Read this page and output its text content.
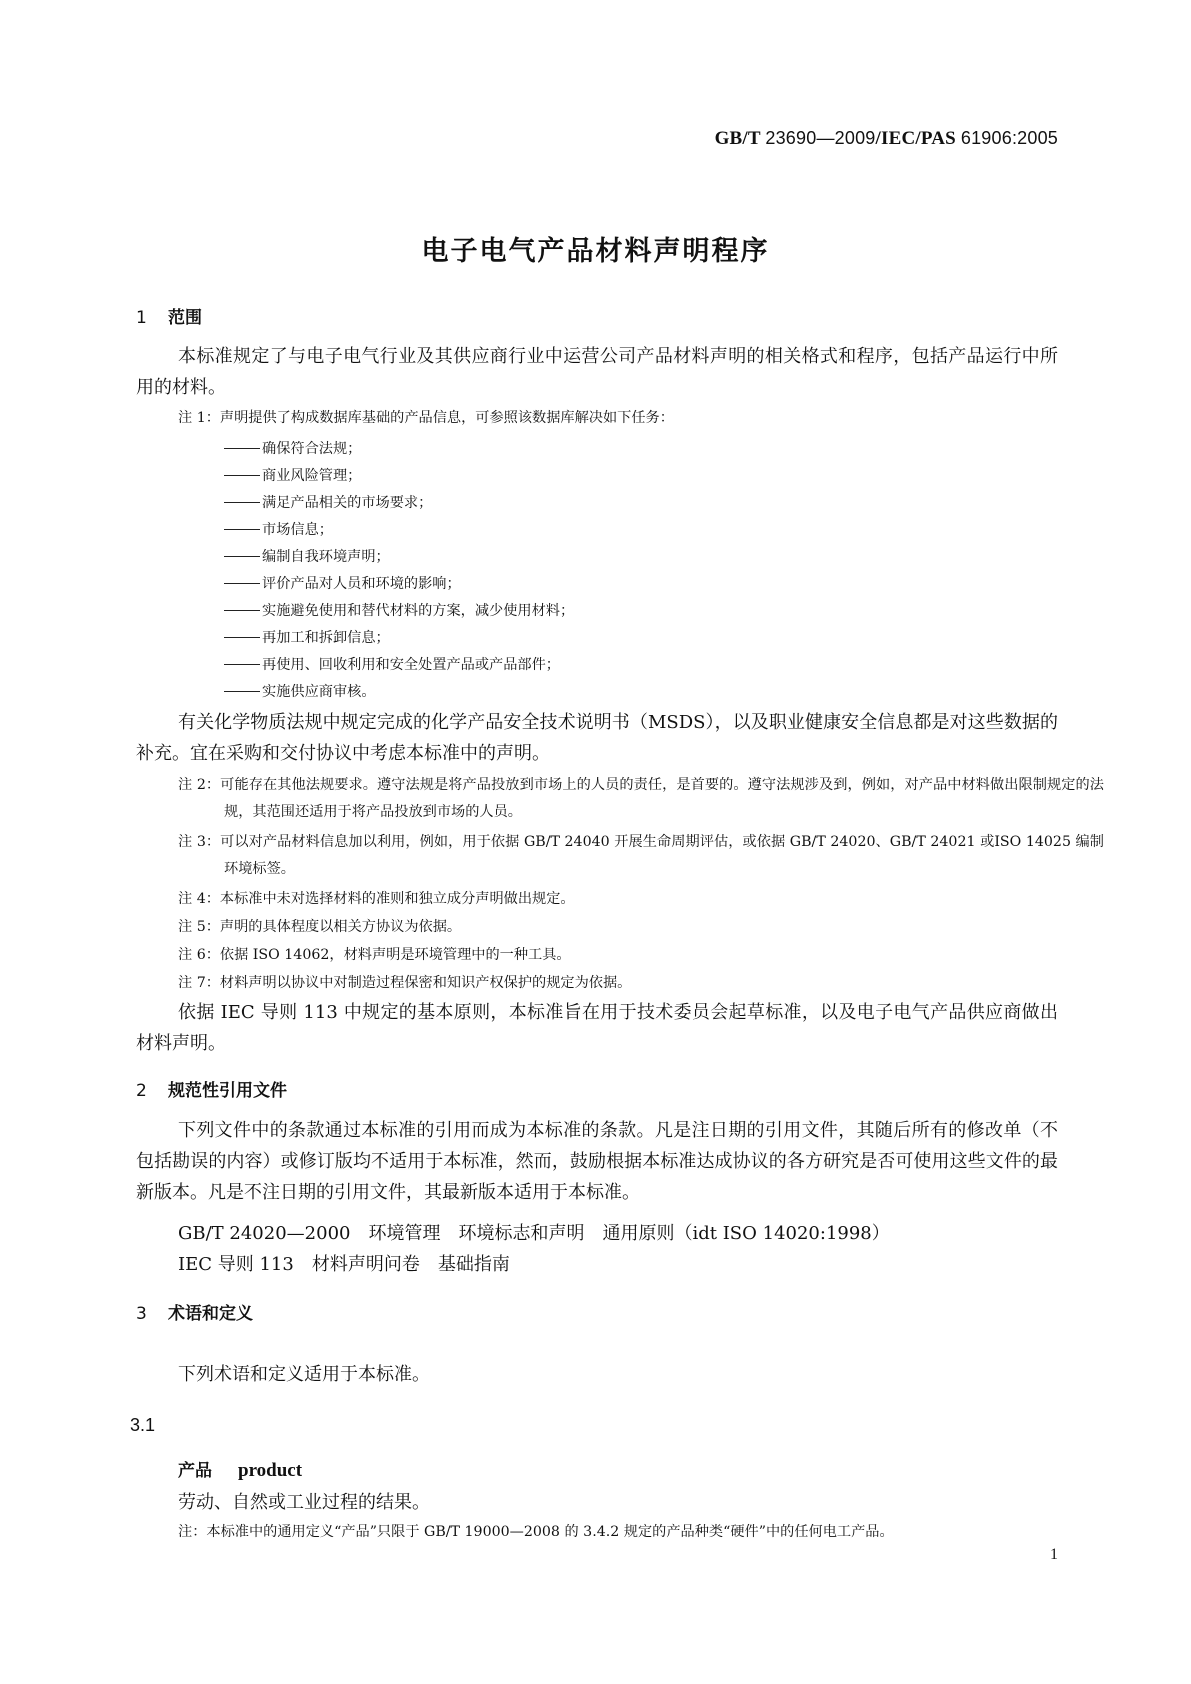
GB/T 23690—2009/IEC/PAS 61906:2005
电子电气产品材料声明程序
1 范围
本标准规定了与电子电气行业及其供应商行业中运营公司产品材料声明的相关格式和程序，包括产品运行中所用的材料。
注 1：声明提供了构成数据库基础的产品信息，可参照该数据库解决如下任务：
确保符合法规；
商业风险管理；
满足产品相关的市场要求；
市场信息；
编制自我环境声明；
评价产品对人员和环境的影响；
实施避免使用和替代材料的方案，减少使用材料；
再加工和拆卸信息；
再使用、回收利用和安全处置产品或产品部件；
实施供应商审核。
有关化学物质法规中规定完成的化学产品安全技术说明书（MSDS），以及职业健康安全信息都是对这些数据的补充。宜在采购和交付协议中考虑本标准中的声明。
注 2：可能存在其他法规要求。遵守法规是将产品投放到市场上的人员的责任，是首要的。遵守法规涉及到，例如，对产品中材料做出限制规定的法规，其范围还适用于将产品投放到市场的人员。
注 3：可以对产品材料信息加以利用，例如，用于依据 GB/T 24040 开展生命周期评估，或依据 GB/T 24020、GB/T 24021 或ISO 14025 编制环境标签。
注 4：本标准中未对选择材料的准则和独立成分声明做出规定。
注 5：声明的具体程度以相关方协议为依据。
注 6：依据 ISO 14062，材料声明是环境管理中的一种工具。
注 7：材料声明以协议中对制造过程保密和知识产权保护的规定为依据。
依据 IEC 导则 113 中规定的基本原则，本标准旨在用于技术委员会起草标准，以及电子电气产品供应商做出材料声明。
2 规范性引用文件
下列文件中的条款通过本标准的引用而成为本标准的条款。凡是注日期的引用文件，其随后所有的修改单（不包括勘误的内容）或修订版均不适用于本标准，然而，鼓励根据本标准达成协议的各方研究是否可使用这些文件的最新版本。凡是不注日期的引用文件，其最新版本适用于本标准。
GB/T 24020—2000　环境管理　环境标志和声明　通用原则（idt ISO 14020:1998）
IEC 导则 113　材料声明问卷　基础指南
3 术语和定义
下列术语和定义适用于本标准。
3.1
产品 product
劳动、自然或工业过程的结果。
注：本标准中的通用定义“产品”只限于 GB/T 19000—2008 的 3.4.2 规定的产品种类“硬件”中的任何电工产品。
1
